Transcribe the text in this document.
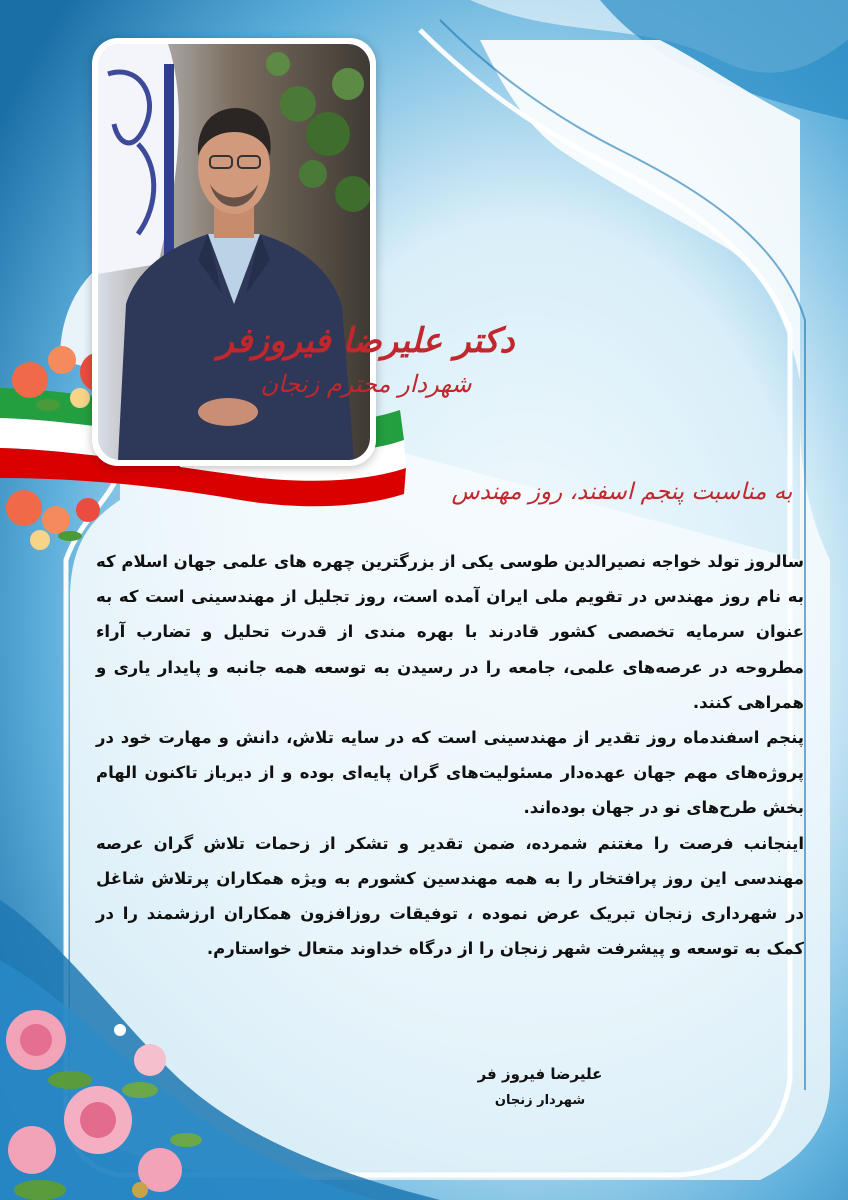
دکتر علیرضا فیروزفر
شهردار محترم زنجان
به مناسبت پنجم اسفند، روز مهندس

سالروز تولد خواجه نصیرالدین طوسی یکی از بزرگترین چهره های علمی جهان اسلام که به نام روز مهندس در تقویم ملی ایران آمده است، روز تجلیل از مهندسینی است که به عنوان سرمایه تخصصی کشور قادرند با بهره مندی از قدرت تحلیل و تضارب آراء مطروحه در عرصه‌های علمی، جامعه را در رسیدن به توسعه همه جانبه و پایدار یاری و همراهی کنند.

پنجم اسفندماه روز تقدیر از مهندسینی است که در سایه تلاش، دانش و مهارت خود در پروژه‌های مهم جهان عهده‌دار مسئولیت‌های گران پایه‌ای بوده و از دیرباز تاکنون الهام بخش طرح‌های نو در جهان بوده‌اند.

اینجانب فرصت را مغتنم شمرده، ضمن تقدیر و تشکر از زحمات تلاش گران عرصه مهندسی این روز پرافتخار را به همه مهندسین کشورم به ویژه همکاران پرتلاش شاغل در شهرداری زنجان تبریک عرض نموده ، توفیقات روزافزون همکاران ارزشمند را در کمک به توسعه و پیشرفت شهر زنجان را از درگاه خداوند متعال خواستارم.

علیرضا فیروز فر
شهردار زنجان
